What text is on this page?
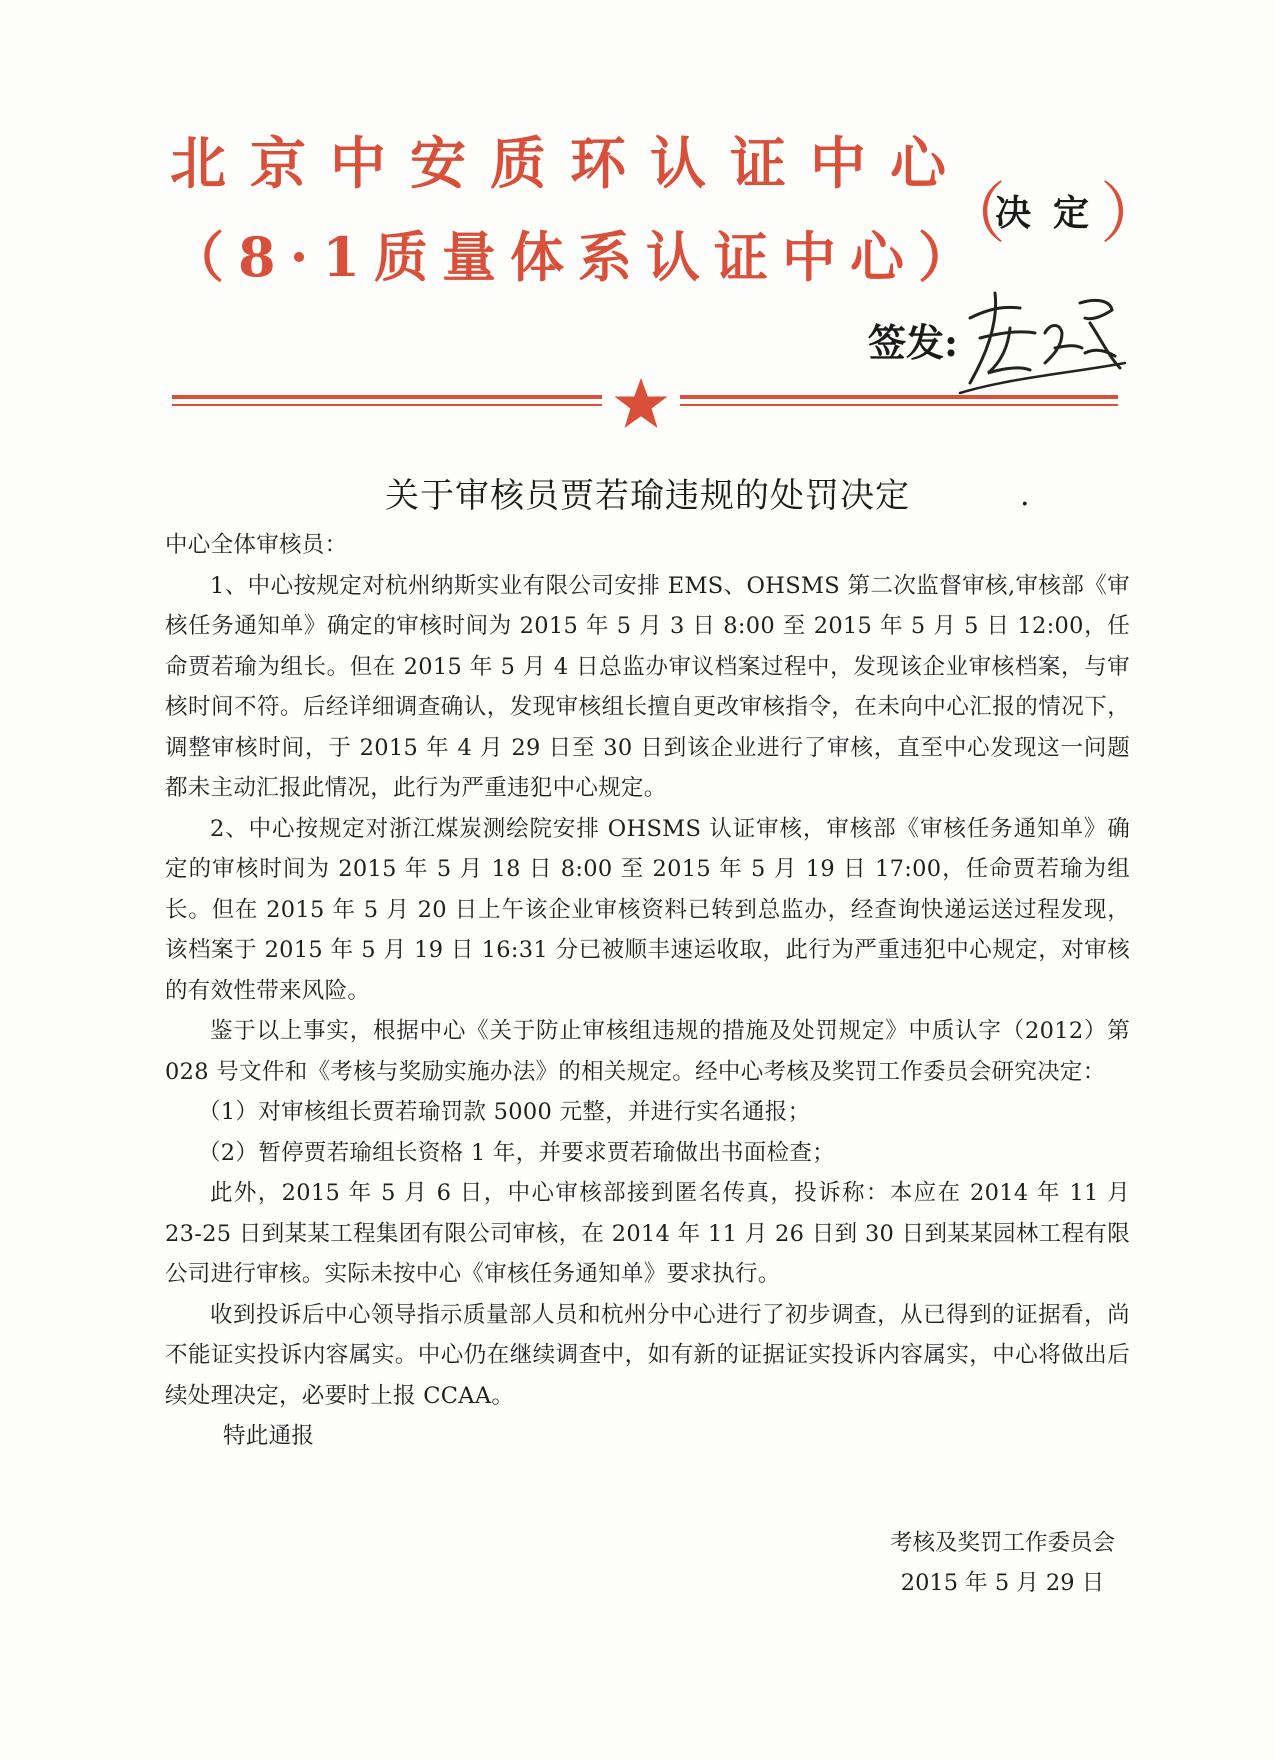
北京中安质环认证中心
（8·1质量体系认证中心）
（
决定
）
签发:
关于审核员贾若瑜违规的处罚决定	.

中心全体审核员：

1、中心按规定对杭州纳斯实业有限公司安排 EMS、OHSMS 第二次监督审核,审核部《审核任务通知单》确定的审核时间为 2015 年 5 月 3 日 8:00 至 2015 年 5 月 5 日 12:00，任命贾若瑜为组长。但在 2015 年 5 月 4 日总监办审议档案过程中，发现该企业审核档案，与审核时间不符。后经详细调查确认，发现审核组长擅自更改审核指令，在未向中心汇报的情况下，调整审核时间，于 2015 年 4 月 29 日至 30 日到该企业进行了审核，直至中心发现这一问题都未主动汇报此情况，此行为严重违犯中心规定。

2、中心按规定对浙江煤炭测绘院安排 OHSMS 认证审核，审核部《审核任务通知单》确定的审核时间为 2015 年 5 月 18 日 8:00 至 2015 年 5 月 19 日 17:00，任命贾若瑜为组长。但在 2015 年 5 月 20 日上午该企业审核资料已转到总监办，经查询快递运送过程发现，该档案于 2015 年 5 月 19 日 16:31 分已被顺丰速运收取，此行为严重违犯中心规定，对审核的有效性带来风险。

鉴于以上事实，根据中心《关于防止审核组违规的措施及处罚规定》中质认字（2012）第 028 号文件和《考核与奖励实施办法》的相关规定。经中心考核及奖罚工作委员会研究决定：

（1）对审核组长贾若瑜罚款 5000 元整，并进行实名通报；

（2）暂停贾若瑜组长资格 1 年，并要求贾若瑜做出书面检查；

此外，2015 年 5 月 6 日，中心审核部接到匿名传真，投诉称：本应在 2014 年 11 月 23-25 日到某某工程集团有限公司审核，在 2014 年 11 月 26 日到 30 日到某某园林工程有限公司进行审核。实际未按中心《审核任务通知单》要求执行。

收到投诉后中心领导指示质量部人员和杭州分中心进行了初步调查，从已得到的证据看，尚不能证实投诉内容属实。中心仍在继续调查中，如有新的证据证实投诉内容属实，中心将做出后续处理决定，必要时上报 CCAA。

特此通报

考核及奖罚工作委员会
2015 年 5 月 29 日
